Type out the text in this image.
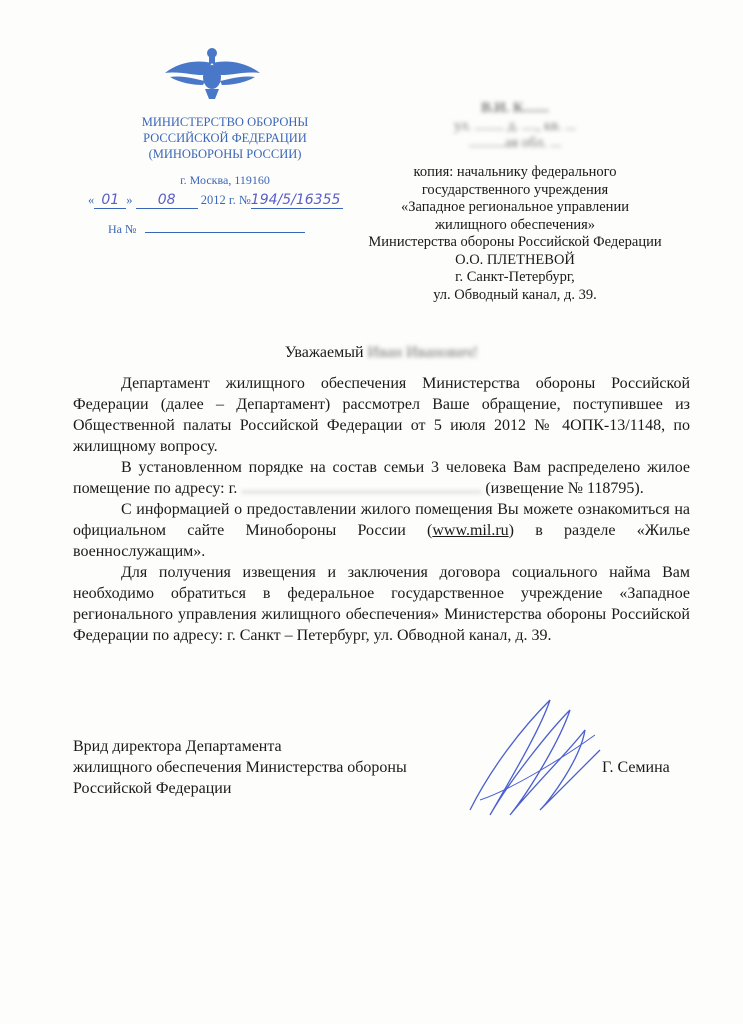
МИНИСТЕРСТВО ОБОРОНЫ
РОССИЙСКОЙ ФЕДЕРАЦИИ
(МИНОБОРОНЫ РОССИИ)
г. Москва, 119160
« 01 » 08 2012 г. №194/5/16355
На №
В.И. К.......
ул. ........ д. ...., кв. ...
..........ая обл. ...
копия: начальнику федерального
государственного учреждения
«Западное региональное управлении
жилищного обеспечения»
Министерства обороны Российской Федерации
О.О. ПЛЕТНЕВОЙ
г. Санкт-Петербург,
ул. Обводный канал, д. 39.
Уважаемый Иван Иванович!

Департамент жилищного обеспечения Министерства обороны Российской Федерации (далее – Департамент) рассмотрел Ваше обращение, поступившее из Общественной палаты Российской Федерации от 5 июля 2012 № 4ОПК-13/1148, по жилищному вопросу.

В установленном порядке на состав семьи 3 человека Вам распределено жилое помещение по адресу: г. ............................................................ (извещение № 118795).

С информацией о предоставлении жилого помещения Вы можете ознакомиться на официальном сайте Минобороны России (www.mil.ru) в разделе «Жилье военнослужащим».

Для получения извещения и заключения договора социального найма Вам необходимо обратиться в федеральное государственное учреждение «Западное регионального управления жилищного обеспечения» Министерства обороны Российской Федерации по адресу: г. Санкт – Петербург, ул. Обводной канал, д. 39.

Врид директора Департамента
жилищного обеспечения Министерства обороны
Российской Федерации
Г. Семина
